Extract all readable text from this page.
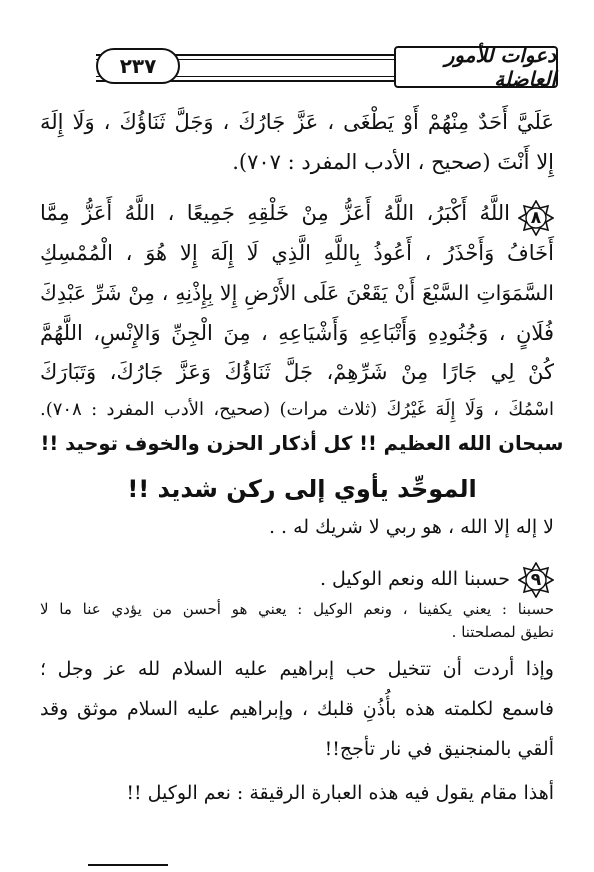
٢٣٧	دعوات للأمور العاضلة
عَلَيَّ أَحَدٌ مِنْهُمْ أَوْ يَطْغَى ، عَزَّ جَارُكَ ، وَجَلَّ ثَنَاؤُكَ ، وَلَا إِلَهَ
إِلا أَنْتَ (صحيح ، الأدب المفرد : ٧٠٧).
٨
اللَّهُ أَكْبَرُ، اللَّهُ أَعَزُّ مِنْ خَلْقِهِ جَمِيعًا ، اللَّهُ أَعَزُّ مِمَّا
أَخَافُ وَأَحْذَرُ ، أَعُوذُ بِاللَّهِ الَّذِي لَا إِلَهَ إِلا هُوَ ، الْمُمْسِكِ
السَّمَوَاتِ السَّبْعَ أَنْ يَقَعْنَ عَلَى الأَرْضِ إِلا بِإِذْنِهِ ، مِنْ شَرِّ عَبْدِكَ
فُلَانٍ ، وَجُنُودِهِ وَأَتْبَاعِهِ وَأَشْيَاعِهِ ، مِنَ الْجِنِّ وَالإِنْسِ، اللَّهُمَّ
كُنْ لِي جَارًا مِنْ شَرِّهِمْ، جَلَّ ثَنَاؤُكَ وَعَزَّ جَارُكَ، وَتَبَارَكَ
اسْمُكَ ، وَلَا إِلَهَ غَيْرُكَ (ثلاث مرات) (صحيح، الأدب المفرد : ٧٠٨).
سبحان الله العظيم !! كل أذكار الحزن والخوف توحيد !!
الموحِّد يأوي إلى ركن شديد !!
لا إله إلا الله ، هو ربي لا شريك له . .
٩
حسبنا الله ونعم الوكيل .
حسبنا : يعني يكفينا ، ونعم الوكيل : يعني هو أحسن من يؤدي عنا ما لا
نطيق لمصلحتنا .
وإذا أردت أن تتخيل حب إبراهيم عليه السلام لله عز وجل ؛
فاسمع لكلمته هذه بأُذُنِ قلبك ، وإبراهيم عليه السلام موثق وقد
ألقي بالمنجنيق في نار تأجج!!
أهذا مقام يقول فيه هذه العبارة الرقيقة : نعم الوكيل !!
